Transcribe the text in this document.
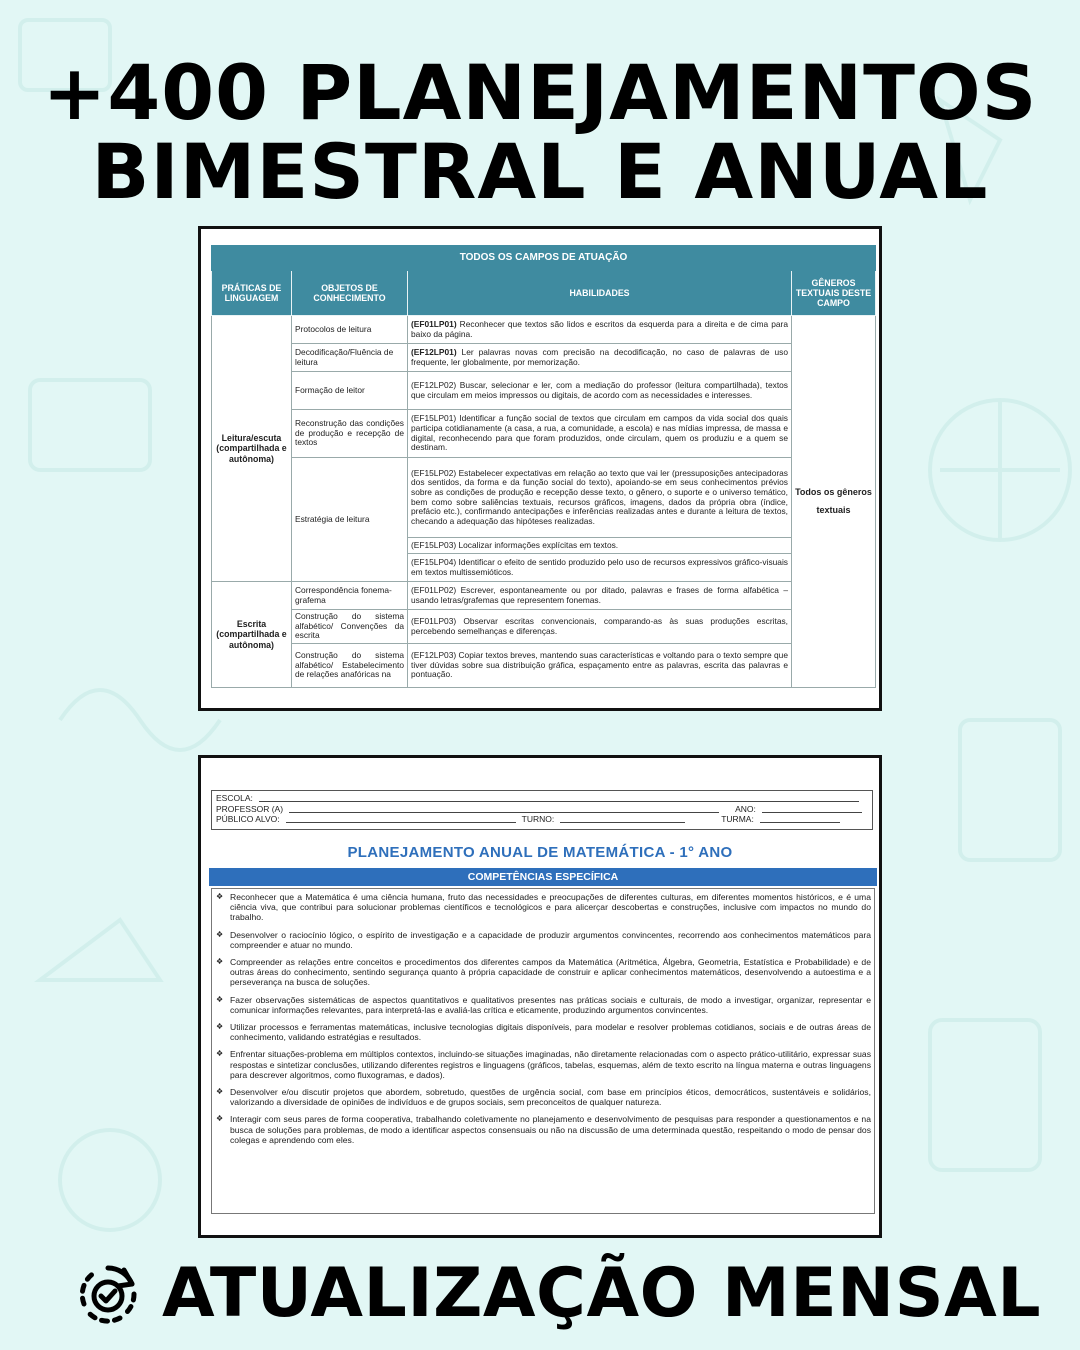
+400 PLANEJAMENTOS
BIMESTRAL E ANUAL
TODOS OS CAMPOS DE ATUAÇÃO			
PRÁTICAS DE LINGUAGEM	OBJETOS DE CONHECIMENTO	HABILIDADES	GÊNEROS TEXTUAIS DESTE CAMPO
Leitura/escuta (compartilhada e autônoma)	Protocolos de leitura	(EF01LP01) Reconhecer que textos são lidos e escritos da esquerda para a direita e de cima para baixo da página.	Todos os gêneros textuais
	Decodificação/Fluência de leitura	(EF12LP01) Ler palavras novas com precisão na decodificação, no caso de palavras de uso frequente, ler globalmente, por memorização.	
	Formação de leitor	(EF12LP02) Buscar, selecionar e ler, com a mediação do professor (leitura compartilhada), textos que circulam em meios impressos ou digitais, de acordo com as necessidades e interesses.	
	Reconstrução das condições de produção e recepção de textos	(EF15LP01) Identificar a função social de textos que circulam em campos da vida social dos quais participa cotidianamente (a casa, a rua, a comunidade, a escola) e nas mídias impressa, de massa e digital, reconhecendo para que foram produzidos, onde circulam, quem os produziu e a quem se destinam.	
	Estratégia de leitura	(EF15LP02) Estabelecer expectativas em relação ao texto que vai ler (pressuposições antecipadoras dos sentidos, da forma e da função social do texto), apoiando-se em seus conhecimentos prévios sobre as condições de produção e recepção desse texto, o gênero, o suporte e o universo temático, bem como sobre saliências textuais, recursos gráficos, imagens, dados da própria obra (índice, prefácio etc.), confirmando antecipações e inferências realizadas antes e durante a leitura de textos, checando a adequação das hipóteses realizadas.	
		(EF15LP03) Localizar informações explícitas em textos.	
		(EF15LP04) Identificar o efeito de sentido produzido pelo uso de recursos expressivos gráfico-visuais em textos multissemióticos.	
Escrita (compartilhada e autônoma)	Correspondência fonema-grafema	(EF01LP02) Escrever, espontaneamente ou por ditado, palavras e frases de forma alfabética – usando letras/grafemas que representem fonemas.	
	Construção do sistema alfabético/ Convenções da escrita	(EF01LP03) Observar escritas convencionais, comparando-as às suas produções escritas, percebendo semelhanças e diferenças.	
	Construção do sistema alfabético/ Estabelecimento de relações anafóricas na	(EF12LP03) Copiar textos breves, mantendo suas características e voltando para o texto sempre que tiver dúvidas sobre sua distribuição gráfica, espaçamento entre as palavras, escrita das palavras e pontuação.	
ESCOLA:
PROFESSOR (A)	ANO:
PÚBLICO ALVO:	TURNO:	TURMA:
PLANEJAMENTO ANUAL DE MATEMÁTICA - 1° ANO
COMPETÊNCIAS ESPECÍFICA
❖ Reconhecer que a Matemática é uma ciência humana, fruto das necessidades e preocupações de diferentes culturas, em diferentes momentos históricos, e é uma ciência viva, que contribui para solucionar problemas científicos e tecnológicos e para alicerçar descobertas e construções, inclusive com impactos no mundo do trabalho.
❖ Desenvolver o raciocínio lógico, o espírito de investigação e a capacidade de produzir argumentos convincentes, recorrendo aos conhecimentos matemáticos para compreender e atuar no mundo.
❖ Compreender as relações entre conceitos e procedimentos dos diferentes campos da Matemática (Aritmética, Álgebra, Geometria, Estatística e Probabilidade) e de outras áreas do conhecimento, sentindo segurança quanto à própria capacidade de construir e aplicar conhecimentos matemáticos, desenvolvendo a autoestima e a perseverança na busca de soluções.
❖ Fazer observações sistemáticas de aspectos quantitativos e qualitativos presentes nas práticas sociais e culturais, de modo a investigar, organizar, representar e comunicar informações relevantes, para interpretá-las e avaliá-las crítica e eticamente, produzindo argumentos convincentes.
❖ Utilizar processos e ferramentas matemáticas, inclusive tecnologias digitais disponíveis, para modelar e resolver problemas cotidianos, sociais e de outras áreas de conhecimento, validando estratégias e resultados.
❖ Enfrentar situações-problema em múltiplos contextos, incluindo-se situações imaginadas, não diretamente relacionadas com o aspecto prático-utilitário, expressar suas respostas e sintetizar conclusões, utilizando diferentes registros e linguagens (gráficos, tabelas, esquemas, além de texto escrito na língua materna e outras linguagens para descrever algoritmos, como fluxogramas, e dados).
❖ Desenvolver e/ou discutir projetos que abordem, sobretudo, questões de urgência social, com base em princípios éticos, democráticos, sustentáveis e solidários, valorizando a diversidade de opiniões de indivíduos e de grupos sociais, sem preconceitos de qualquer natureza.
❖ Interagir com seus pares de forma cooperativa, trabalhando coletivamente no planejamento e desenvolvimento de pesquisas para responder a questionamentos e na busca de soluções para problemas, de modo a identificar aspectos consensuais ou não na discussão de uma determinada questão, respeitando o modo de pensar dos colegas e aprendendo com eles.
ATUALIZAÇÃO MENSAL
